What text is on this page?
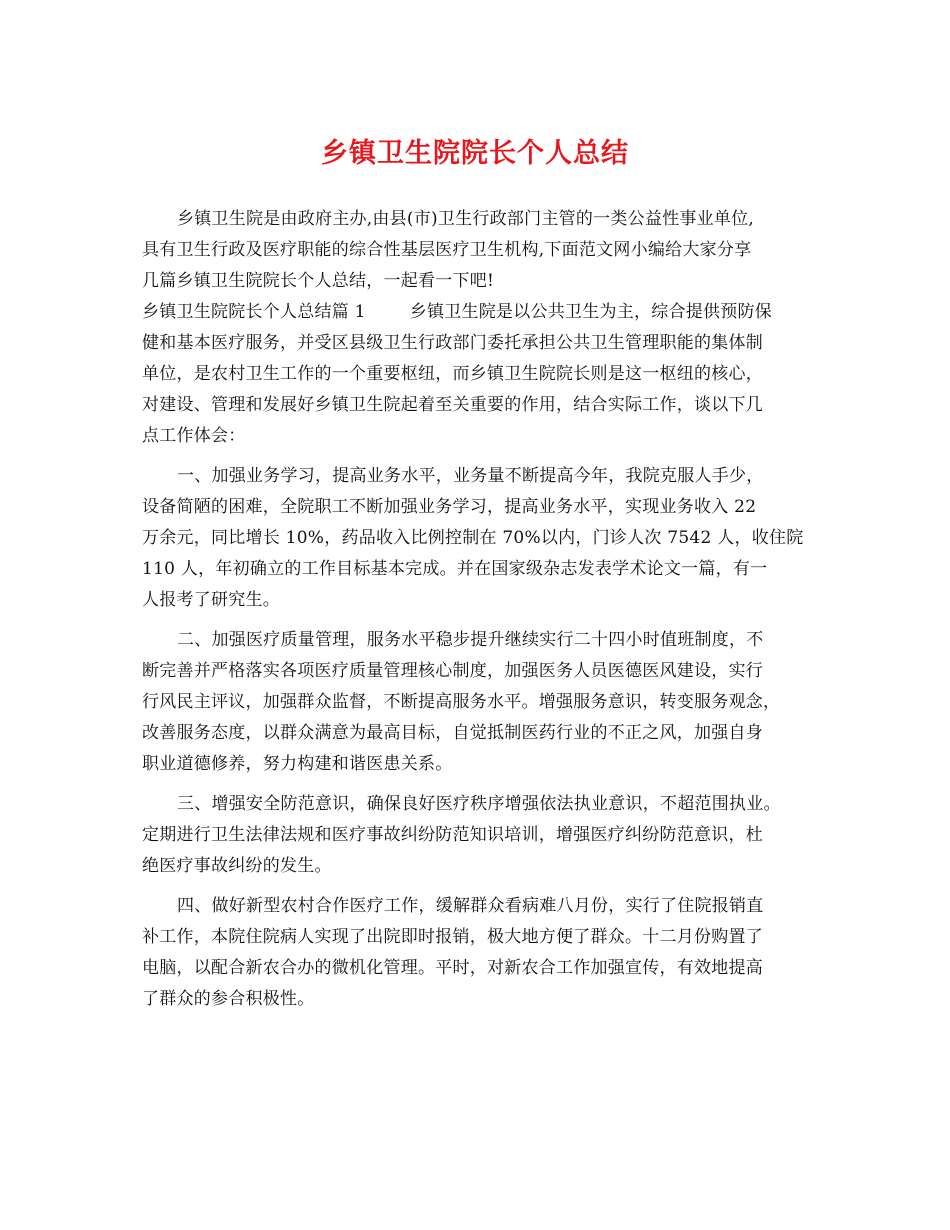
乡镇卫生院院长个人总结
乡镇卫生院是由政府主办,由县(市)卫生行政部门主管的一类公益性事业单位,
具有卫生行政及医疗职能的综合性基层医疗卫生机构,下面范文网小编给大家分享
几篇乡镇卫生院院长个人总结，一起看一下吧!
乡镇卫生院院长个人总结篇 1	乡镇卫生院是以公共卫生为主，综合提供预防保
健和基本医疗服务，并受区县级卫生行政部门委托承担公共卫生管理职能的集体制
单位，是农村卫生工作的一个重要枢纽，而乡镇卫生院院长则是这一枢纽的核心，
对建设、管理和发展好乡镇卫生院起着至关重要的作用，结合实际工作，谈以下几
点工作体会：
一、加强业务学习，提高业务水平，业务量不断提高今年，我院克服人手少，
设备简陋的困难，全院职工不断加强业务学习，提高业务水平，实现业务收入 22
万余元，同比增长 10%，药品收入比例控制在 70%以内，门诊人次 7542 人，收住院
110 人，年初确立的工作目标基本完成。并在国家级杂志发表学术论文一篇，有一
人报考了研究生。
二、加强医疗质量管理，服务水平稳步提升继续实行二十四小时值班制度，不
断完善并严格落实各项医疗质量管理核心制度，加强医务人员医德医风建设，实行
行风民主评议，加强群众监督，不断提高服务水平。增强服务意识，转变服务观念，
改善服务态度，以群众满意为最高目标，自觉抵制医药行业的不正之风，加强自身
职业道德修养，努力构建和谐医患关系。
三、增强安全防范意识，确保良好医疗秩序增强依法执业意识，不超范围执业。
定期进行卫生法律法规和医疗事故纠纷防范知识培训，增强医疗纠纷防范意识，杜
绝医疗事故纠纷的发生。
四、做好新型农村合作医疗工作，缓解群众看病难八月份，实行了住院报销直
补工作，本院住院病人实现了出院即时报销，极大地方便了群众。十二月份购置了
电脑，以配合新农合办的微机化管理。平时，对新农合工作加强宣传，有效地提高
了群众的参合积极性。
